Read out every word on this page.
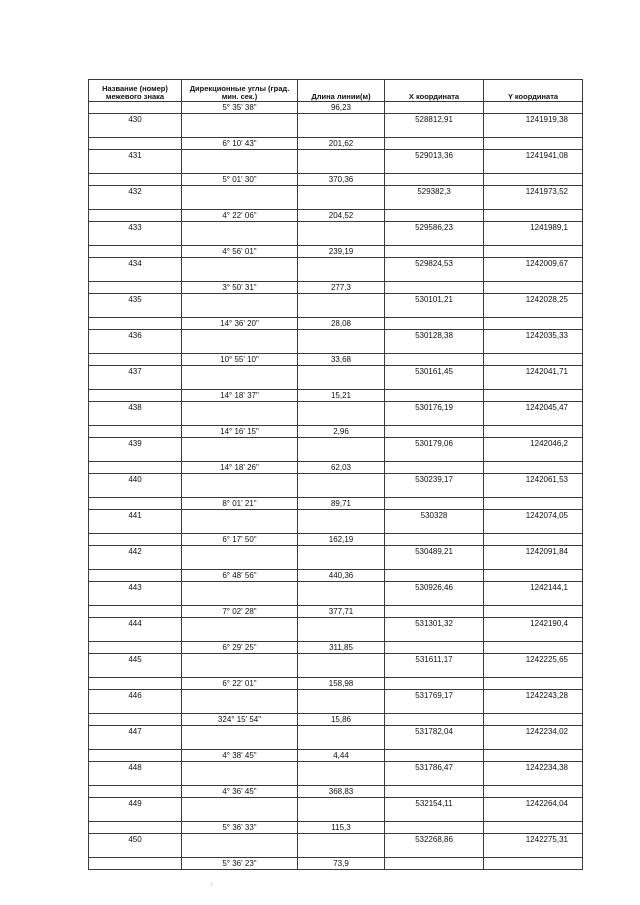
Название (номер) межевого знака	Дирекционные углы (град. мин. сек.)	Длина линии(м)	X координата	Y координата
	5° 35' 38"	96,23		
430			528812,91	1241919,38
	6° 10' 43"	201,62		
431			529013,36	1241941,08
	5° 01' 30"	370,36		
432			529382,3	1241973,52
	4° 22' 06"	204,52		
433			529586,23	1241989,1
	4° 56' 01"	239,19		
434			529824,53	1242009,67
	3° 50' 31"	277,3		
435			530101,21	1242028,25
	14° 36' 20"	28,08		
436			530128,38	1242035,33
	10° 55' 10"	33,68		
437			530161,45	1242041,71
	14° 18' 37"	15,21		
438			530176,19	1242045,47
	14° 16' 15"	2,96		
439			530179,06	1242046,2
	14° 18' 26"	62,03		
440			530239,17	1242061,53
	8° 01' 21"	89,71		
441			530328	1242074,05
	6° 17' 50"	162,19		
442			530489,21	1242091,84
	6° 48' 56"	440,36		
443			530926,46	1242144,1
	7° 02' 28"	377,71		
444			531301,32	1242190,4
	6° 29' 25"	311,85		
445			531611,17	1242225,65
	6° 22' 01"	158,98		
446			531769,17	1242243,28
	324° 15' 54"	15,86		
447			531782,04	1242234,02
	4° 38' 45"	4,44		
448			531786,47	1242234,38
	4° 36' 45"	368,83		
449			532154,11	1242264,04
	5° 36' 33"	115,3		
450			532268,86	1242275,31
	5° 36' 23"	73,9		
